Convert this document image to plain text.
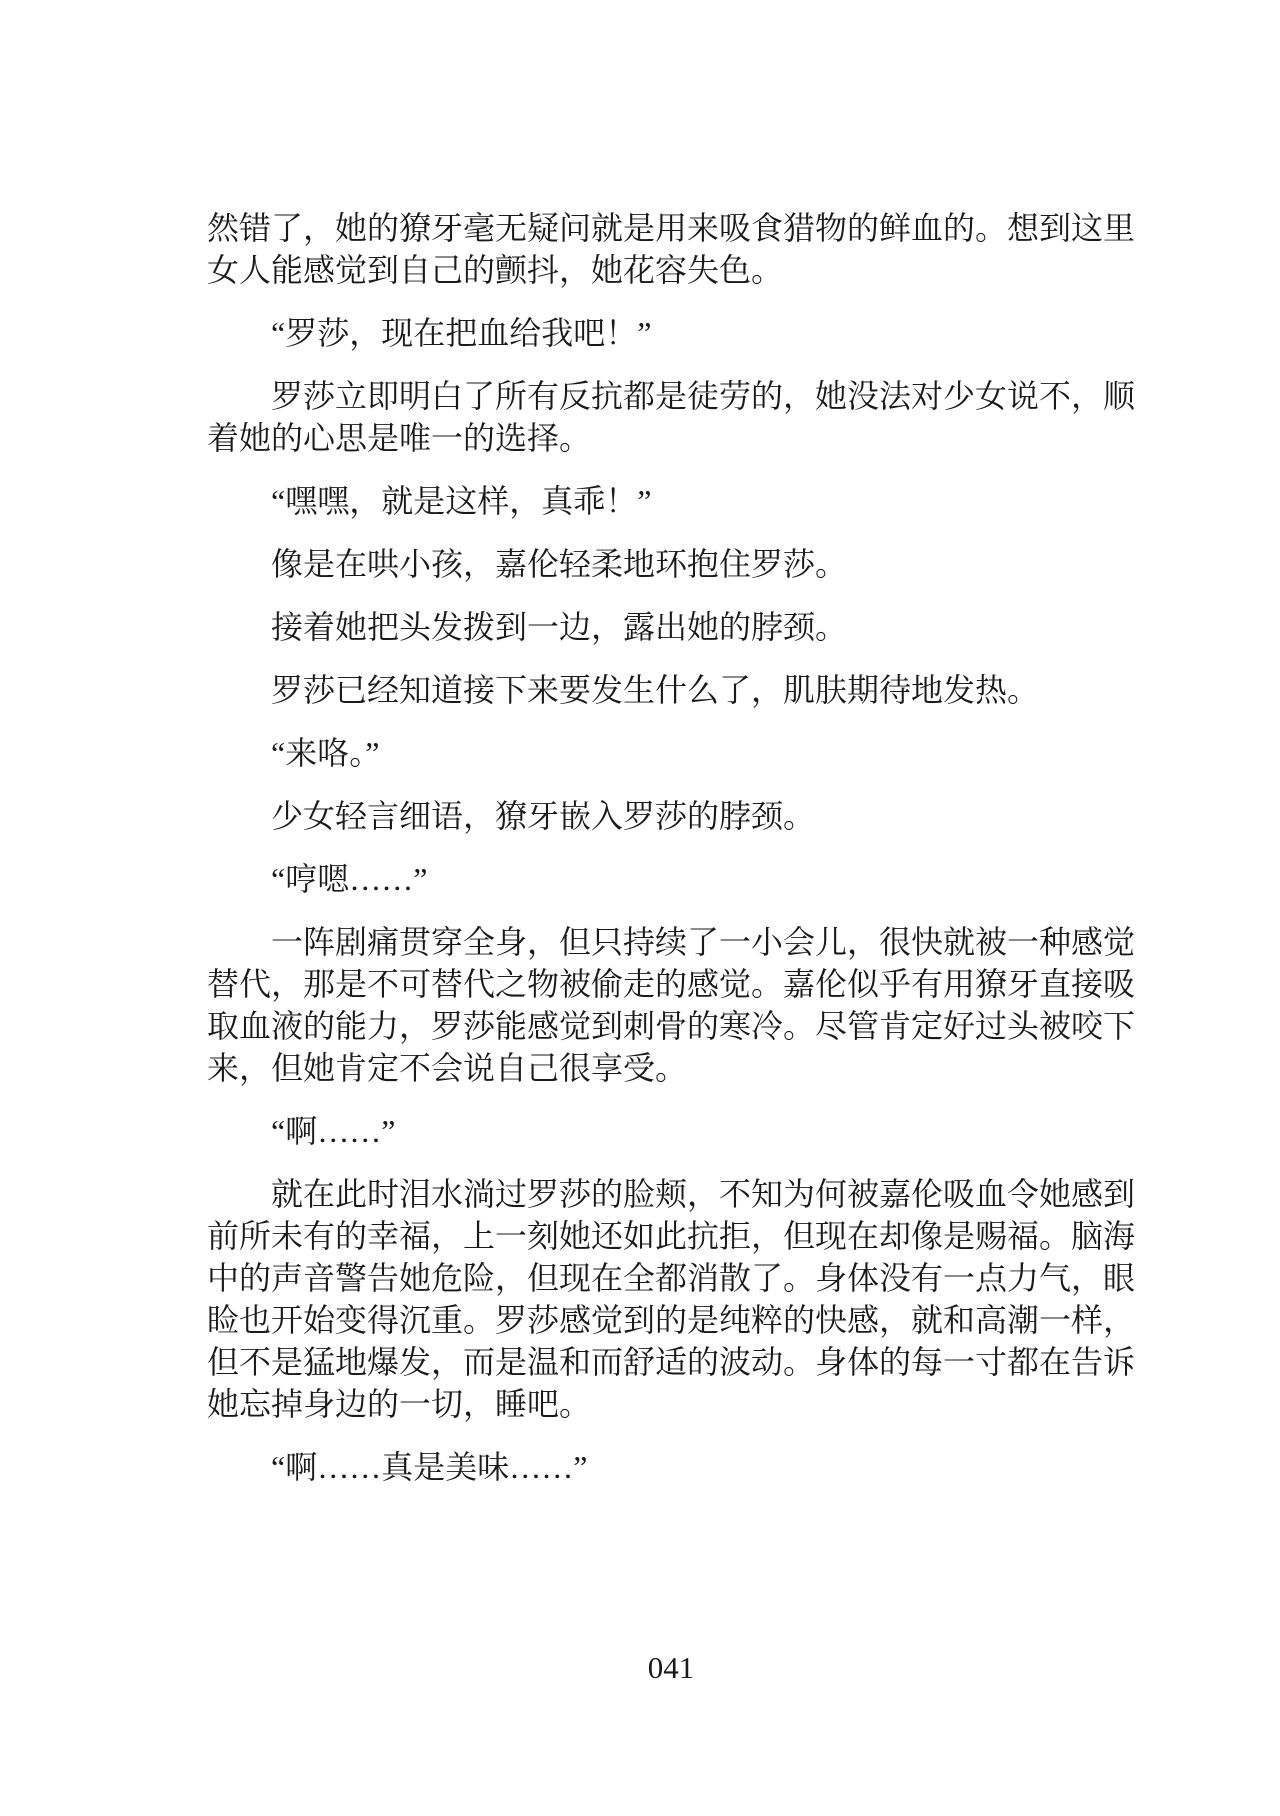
然错了，她的獠牙毫无疑问就是用来吸食猎物的鲜血的。想到这里女人能感觉到自己的颤抖，她花容失色。

“罗莎，现在把血给我吧！”

罗莎立即明白了所有反抗都是徒劳的，她没法对少女说不，顺着她的心思是唯一的选择。

“嘿嘿，就是这样，真乖！”

像是在哄小孩，嘉伦轻柔地环抱住罗莎。

接着她把头发拨到一边，露出她的脖颈。

罗莎已经知道接下来要发生什么了，肌肤期待地发热。

“来咯。”

少女轻言细语，獠牙嵌入罗莎的脖颈。

“哼嗯……”

一阵剧痛贯穿全身，但只持续了一小会儿，很快就被一种感觉替代，那是不可替代之物被偷走的感觉。嘉伦似乎有用獠牙直接吸取血液的能力，罗莎能感觉到刺骨的寒冷。尽管肯定好过头被咬下来，但她肯定不会说自己很享受。

“啊……”

就在此时泪水淌过罗莎的脸颊，不知为何被嘉伦吸血令她感到前所未有的幸福，上一刻她还如此抗拒，但现在却像是赐福。脑海中的声音警告她危险，但现在全都消散了。身体没有一点力气，眼睑也开始变得沉重。罗莎感觉到的是纯粹的快感，就和高潮一样，但不是猛地爆发，而是温和而舒适的波动。身体的每一寸都在告诉她忘掉身边的一切，睡吧。

“啊……真是美味……”

041
